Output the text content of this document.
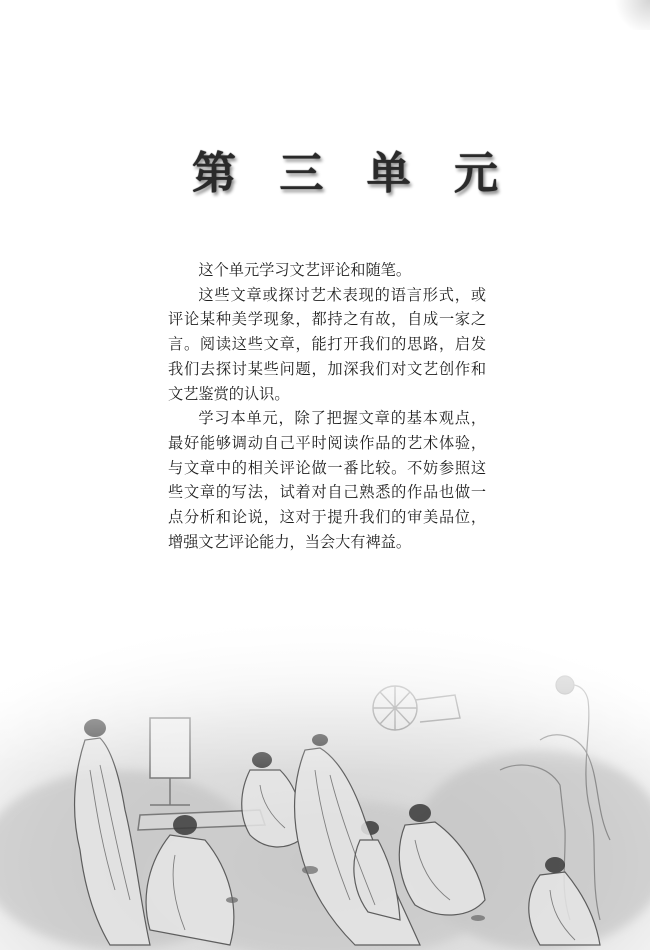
第 三 单 元

这个单元学习文艺评论和随笔。

这些文章或探讨艺术表现的语言形式，或评论某种美学现象，都持之有故，自成一家之言。阅读这些文章，能打开我们的思路，启发我们去探讨某些问题，加深我们对文艺创作和文艺鉴赏的认识。

学习本单元，除了把握文章的基本观点，最好能够调动自己平时阅读作品的艺术体验，与文章中的相关评论做一番比较。不妨参照这些文章的写法，试着对自己熟悉的作品也做一点分析和论说，这对于提升我们的审美品位，增强文艺评论能力，当会大有裨益。
